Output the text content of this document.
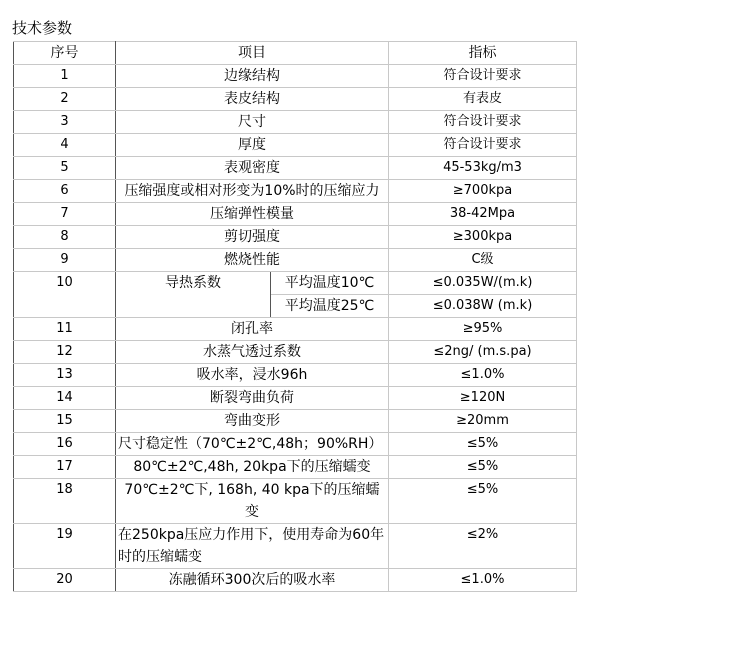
技术参数
序号	项目		指标
1	边缘结构		符合设计要求
2	表皮结构		有表皮
3	尺寸		符合设计要求
4	厚度		符合设计要求
5	表观密度		45-53kg/m3
6	压缩强度或相对形变为10%时的压缩应力		≥700kpa
7	压缩弹性模量		38-42Mpa
8	剪切强度		≥300kpa
9	燃烧性能		C级
10	导热系数	平均温度10℃	≤0.035W/(m.k)
		平均温度25℃	≤0.038W (m.k)
11	闭孔率		≥95%
12	水蒸气透过系数		≤2ng/ (m.s.pa)
13	吸水率，浸水96h		≤1.0%
14	断裂弯曲负荷		≥120N
15	弯曲变形		≥20mm
16	尺寸稳定性（70℃±2℃,48h；90%RH）		≤5%
17	80℃±2℃,48h, 20kpa下的压缩蠕变		≤5%
18	70℃±2℃下, 168h, 40 kpa下的压缩蠕变		≤5%
19	在250kpa压应力作用下，使用寿命为60年时的压缩蠕变		≤2%
20	冻融循环300次后的吸水率		≤1.0%
